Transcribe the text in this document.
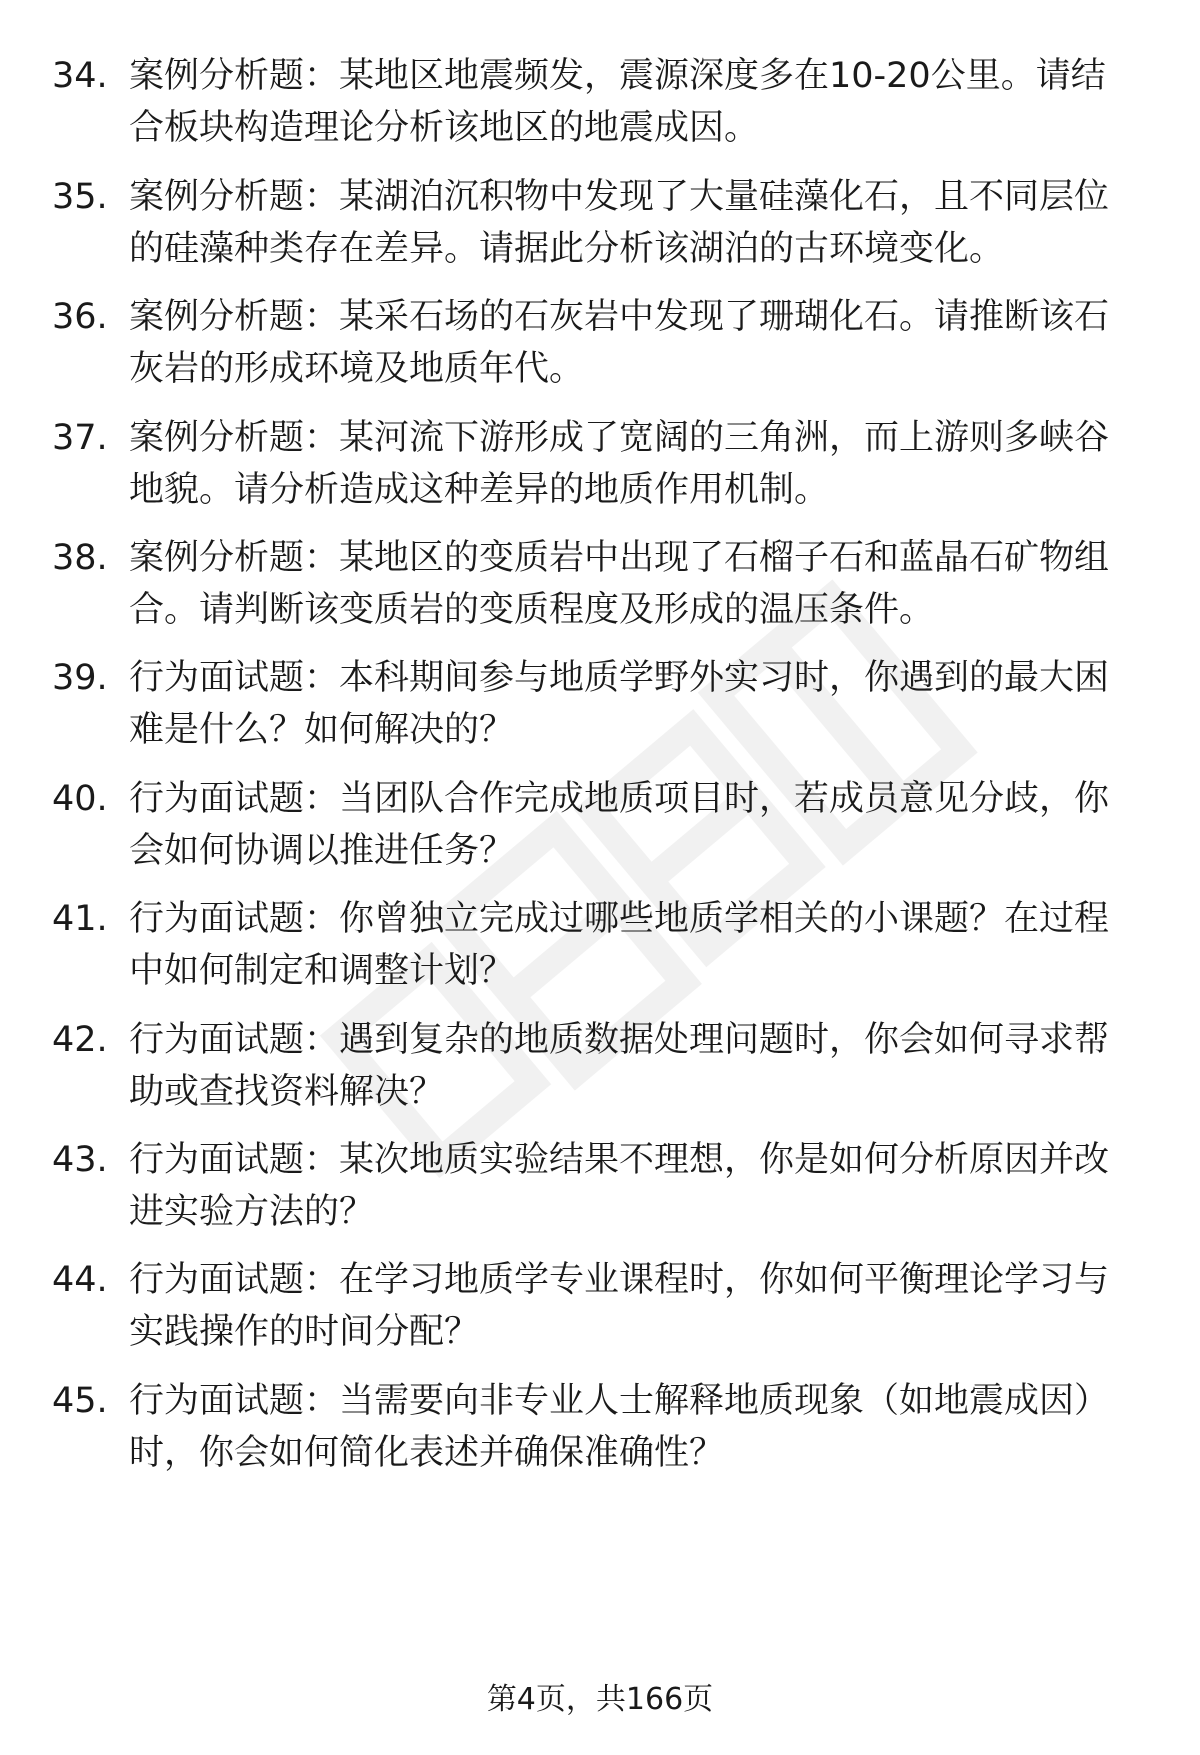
34. 案例分析题：某地区地震频发，震源深度多在10-20公里。请结合板块构造理论分析该地区的地震成因。
35. 案例分析题：某湖泊沉积物中发现了大量硅藻化石，且不同层位的硅藻种类存在差异。请据此分析该湖泊的古环境变化。
36. 案例分析题：某采石场的石灰岩中发现了珊瑚化石。请推断该石灰岩的形成环境及地质年代。
37. 案例分析题：某河流下游形成了宽阔的三角洲，而上游则多峡谷地貌。请分析造成这种差异的地质作用机制。
38. 案例分析题：某地区的变质岩中出现了石榴子石和蓝晶石矿物组合。请判断该变质岩的变质程度及形成的温压条件。
39. 行为面试题：本科期间参与地质学野外实习时，你遇到的最大困难是什么？如何解决的？
40. 行为面试题：当团队合作完成地质项目时，若成员意见分歧，你会如何协调以推进任务？
41. 行为面试题：你曾独立完成过哪些地质学相关的小课题？在过程中如何制定和调整计划？
42. 行为面试题：遇到复杂的地质数据处理问题时，你会如何寻求帮助或查找资料解决？
43. 行为面试题：某次地质实验结果不理想，你是如何分析原因并改进实验方法的？
44. 行为面试题：在学习地质学专业课程时，你如何平衡理论学习与实践操作的时间分配？
45. 行为面试题：当需要向非专业人士解释地质现象（如地震成因）时，你会如何简化表述并确保准确性？
第4页，共166页
